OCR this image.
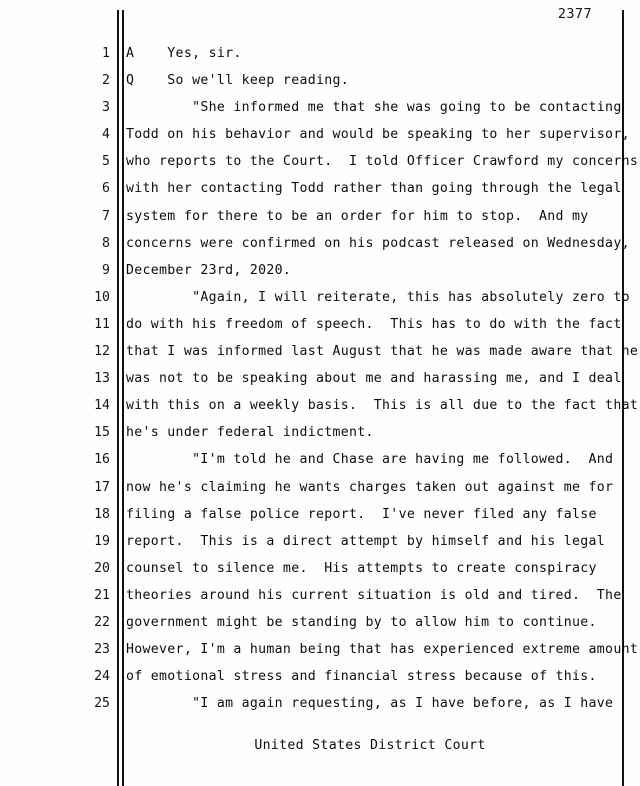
2377
1 A    Yes, sir.
2 Q    So we'll keep reading.
3 "She informed me that she was going to be contacting
4 Todd on his behavior and would be speaking to her supervisor,
5 who reports to the Court.  I told Officer Crawford my concerns
6 with her contacting Todd rather than going through the legal
7 system for there to be an order for him to stop.  And my
8 concerns were confirmed on his podcast released on Wednesday,
9 December 23rd, 2020.
10 "Again, I will reiterate, this has absolutely zero to
11 do with his freedom of speech.  This has to do with the fact
12 that I was informed last August that he was made aware that he
13 was not to be speaking about me and harassing me, and I deal
14 with this on a weekly basis.  This is all due to the fact that
15 he's under federal indictment.
16 "I'm told he and Chase are having me followed.  And
17 now he's claiming he wants charges taken out against me for
18 filing a false police report.  I've never filed any false
19 report.  This is a direct attempt by himself and his legal
20 counsel to silence me.  His attempts to create conspiracy
21 theories around his current situation is old and tired.  The
22 government might be standing by to allow him to continue.
23 However, I'm a human being that has experienced extreme amount
24 of emotional stress and financial stress because of this.
25 "I am again requesting, as I have before, as I have
United States District Court
